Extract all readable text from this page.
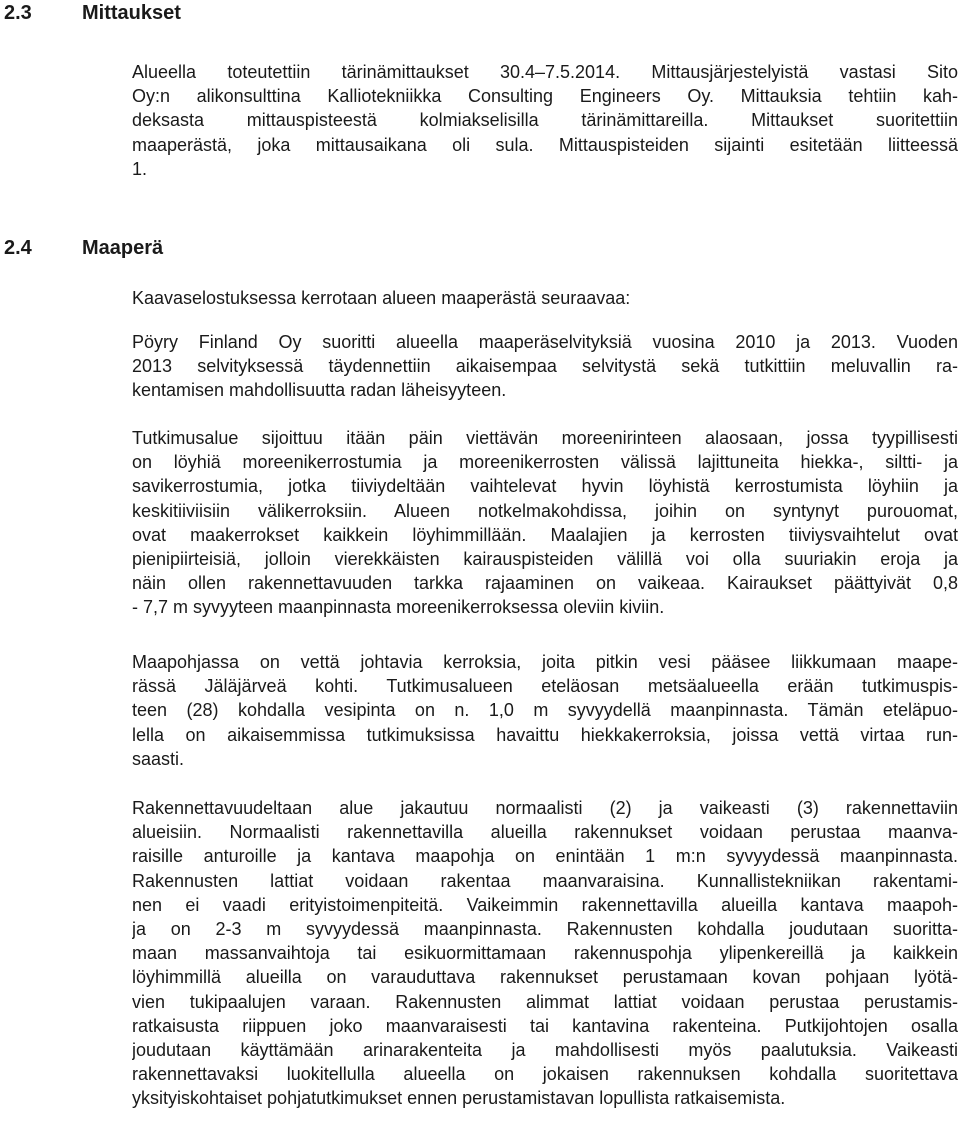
2.3	Mittaukset
Alueella toteutettiin tärinämittaukset 30.4–7.5.2014. Mittausjärjestelyistä vastasi Sito
Oy:n alikonsulttina Kalliotekniikka Consulting Engineers Oy. Mittauksia tehtiin kah-
deksasta mittauspisteestä kolmiakselisilla tärinämittareilla. Mittaukset suoritettiin
maaperästä, joka mittausaikana oli sula. Mittauspisteiden sijainti esitetään liitteessä
1.
2.4	Maaperä
Kaavaselostuksessa kerrotaan alueen maaperästä seuraavaa:
Pöyry Finland Oy suoritti alueella maaperäselvityksiä vuosina 2010 ja 2013. Vuoden
2013 selvityksessä täydennettiin aikaisempaa selvitystä sekä tutkittiin meluvallin ra-
kentamisen mahdollisuutta radan läheisyyteen.
Tutkimusalue sijoittuu itään päin viettävän moreenirinteen alaosaan, jossa tyypillisesti
on löyhiä moreenikerrostumia ja moreenikerrosten välissä lajittuneita hiekka-, siltti- ja
savikerrostumia, jotka tiiviydeltään vaihtelevat hyvin löyhistä kerrostumista löyhiin ja
keskitiiviisiin välikerroksiin. Alueen notkelmakohdissa, joihin on syntynyt purouomat,
ovat maakerrokset kaikkein löyhimmillään. Maalajien ja kerrosten tiiviysvaihtelut ovat
pienipiirteisiä, jolloin vierekkäisten kairauspisteiden välillä voi olla suuriakin eroja ja
näin ollen rakennettavuuden tarkka rajaaminen on vaikeaa. Kairaukset päättyivät 0,8
- 7,7 m syvyyteen maanpinnasta moreenikerroksessa oleviin kiviin.
Maapohjassa on vettä johtavia kerroksia, joita pitkin vesi pääsee liikkumaan maape-
rässä Jäläjärveä kohti. Tutkimusalueen eteläosan metsäalueella erään tutkimuspis-
teen (28) kohdalla vesipinta on n. 1,0 m syvyydellä maanpinnasta. Tämän eteläpuo-
lella on aikaisemmissa tutkimuksissa havaittu hiekkakerroksia, joissa vettä virtaa run-
saasti.
Rakennettavuudeltaan alue jakautuu normaalisti (2) ja vaikeasti (3) rakennettaviin
alueisiin. Normaalisti rakennettavilla alueilla rakennukset voidaan perustaa maanva-
raisille anturoille ja kantava maapohja on enintään 1 m:n syvyydessä maanpinnasta.
Rakennusten lattiat voidaan rakentaa maanvaraisina. Kunnallistekniikan rakentami-
nen ei vaadi erityistoimenpiteitä. Vaikeimmin rakennettavilla alueilla kantava maapoh-
ja on 2-3 m syvyydessä maanpinnasta. Rakennusten kohdalla joudutaan suoritta-
maan massanvaihtoja tai esikuormittamaan rakennuspohja ylipenkereillä ja kaikkein
löyhimmillä alueilla on varauduttava rakennukset perustamaan kovan pohjaan lyötä-
vien tukipaalujen varaan. Rakennusten alimmat lattiat voidaan perustaa perustamis-
ratkaisusta riippuen joko maanvaraisesti tai kantavina rakenteina. Putkijohtojen osalla
joudutaan käyttämään arinarakenteita ja mahdollisesti myös paalutuksia. Vaikeasti
rakennettavaksi luokitellulla alueella on jokaisen rakennuksen kohdalla suoritettava
yksityiskohtaiset pohjatutkimukset ennen perustamistavan lopullista ratkaisemista.
